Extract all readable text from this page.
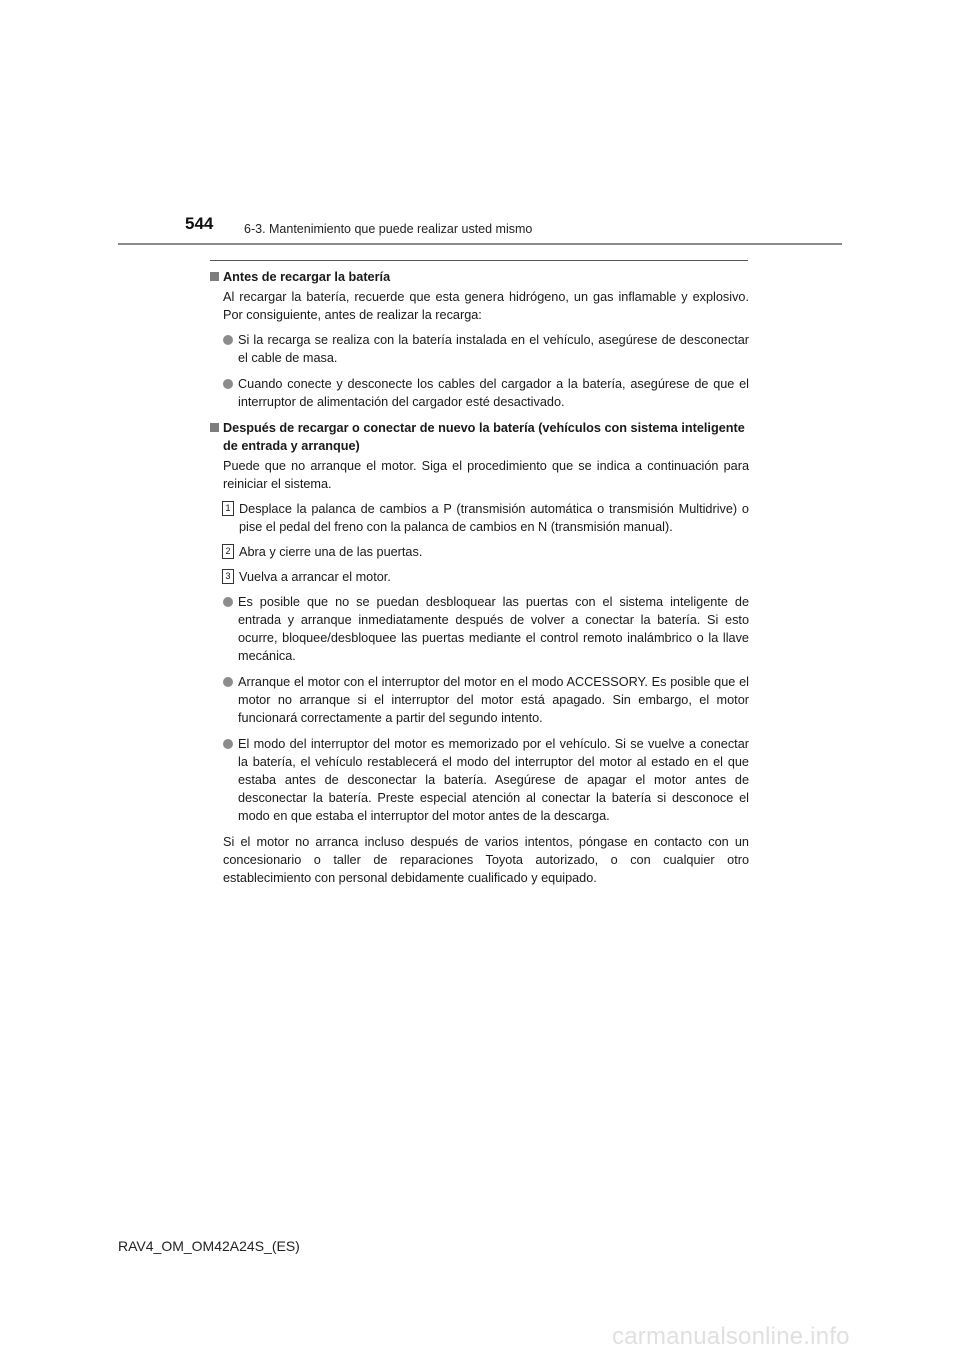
544 6-3. Mantenimiento que puede realizar usted mismo
Antes de recargar la batería

Al recargar la batería, recuerde que esta genera hidrógeno, un gas inflamable y explosivo. Por consiguiente, antes de realizar la recarga:

Si la recarga se realiza con la batería instalada en el vehículo, asegúrese de desconectar el cable de masa.
Cuando conecte y desconecte los cables del cargador a la batería, asegúrese de que el interruptor de alimentación del cargador esté desactivado.
Después de recargar o conectar de nuevo la batería (vehículos con sistema inteligente de entrada y arranque)

Puede que no arranque el motor. Siga el procedimiento que se indica a continuación para reiniciar el sistema.

1 Desplace la palanca de cambios a P (transmisión automática o transmisión Multidrive) o pise el pedal del freno con la palanca de cambios en N (transmisión manual).
2 Abra y cierre una de las puertas.
3 Vuelva a arrancar el motor.
Es posible que no se puedan desbloquear las puertas con el sistema inteligente de entrada y arranque inmediatamente después de volver a conectar la batería. Si esto ocurre, bloquee/desbloquee las puertas mediante el control remoto inalámbrico o la llave mecánica.
Arranque el motor con el interruptor del motor en el modo ACCESSORY. Es posible que el motor no arranque si el interruptor del motor está apagado. Sin embargo, el motor funcionará correctamente a partir del segundo intento.
El modo del interruptor del motor es memorizado por el vehículo. Si se vuelve a conectar la batería, el vehículo restablecerá el modo del interruptor del motor al estado en el que estaba antes de desconectar la batería. Asegúrese de apagar el motor antes de desconectar la batería. Preste especial atención al conectar la batería si desconoce el modo en que estaba el interruptor del motor antes de la descarga.

Si el motor no arranca incluso después de varios intentos, póngase en contacto con un concesionario o taller de reparaciones Toyota autorizado, o con cualquier otro establecimiento con personal debidamente cualificado y equipado.

RAV4_OM_OM42A24S_(ES)
carmanualsonline.info
